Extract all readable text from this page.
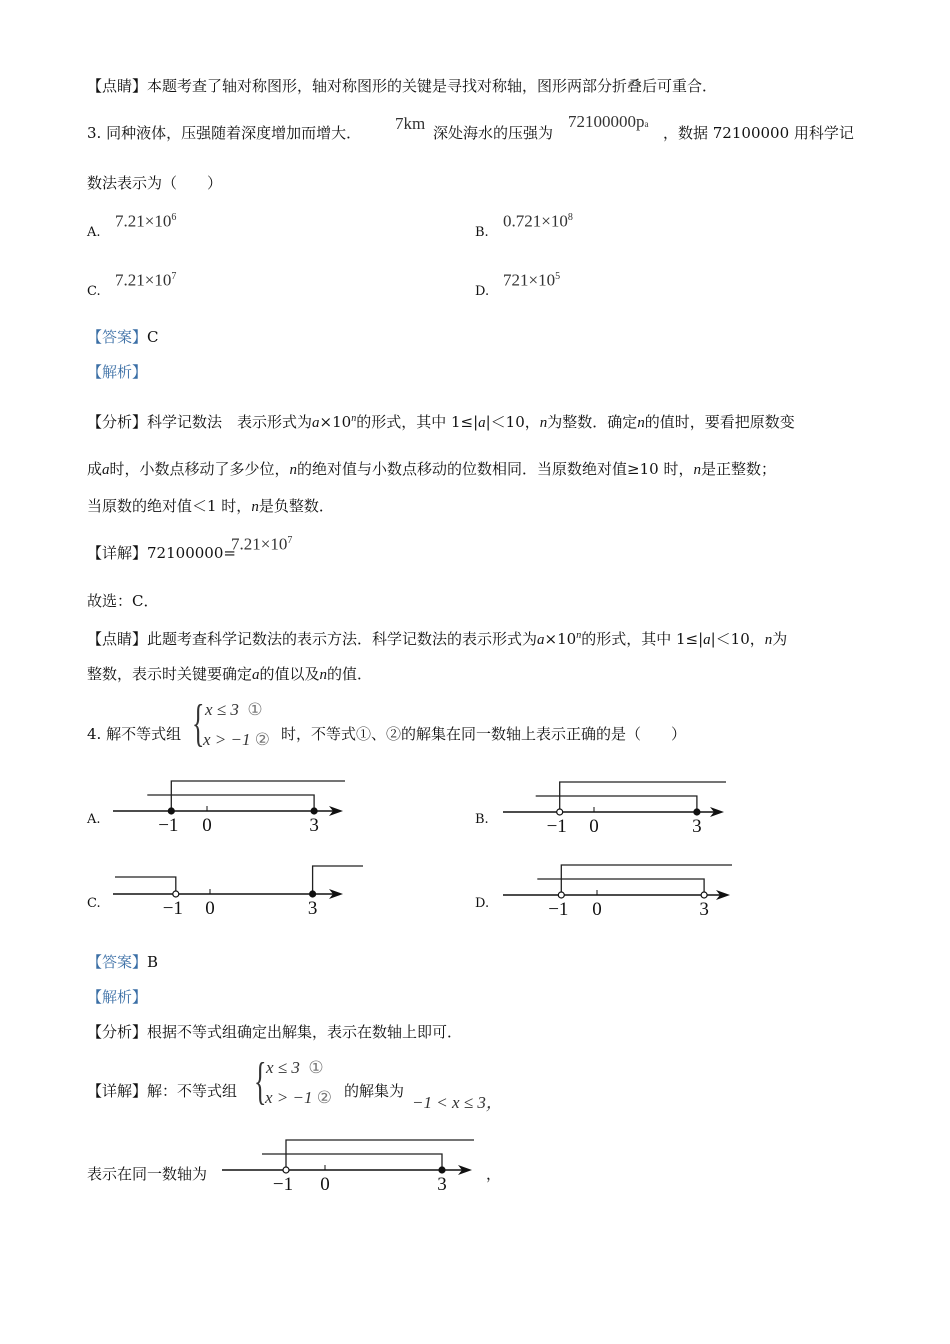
【点睛】本题考查了轴对称图形，轴对称图形的关键是寻找对称轴，图形两部分折叠后可重合．
3. 同种液体，压强随着深度增加而增大． 7km 深处海水的压强为
72100000pa ，数据 72100000 用科学记
数法表示为（　　）
A.
$7.21\times 10^6$
B.
$0.721\times 10^8$
C.
$7.21\times 10^7$
D.
$721\times 10^5$
【答案】C
【解析】
【分析】科学记数法　表示形式为$a\times 10^n$的形式，其中 1≤|a|＜10，n为整数．确定n的值时，要看把原数变
成a时，小数点移动了多少位，n的绝对值与小数点移动的位数相同．当原数绝对值≥10 时，n是正整数；
当原数的绝对值＜1 时，n是负整数．
【详解】72100000=
$7.21\times 10^7$
故选：C．
【点睛】此题考查科学记数法的表示方法．科学记数法的表示形式为$a\times 10^n$的形式，其中 1≤|a|＜10，n为
整数，表示时关键要确定a的值以及n的值．
4. 解不等式组 { x ≤ 3 ①
x > −1 ② 时，不等式①、②的解集在同一数轴上表示正确的是（　　）
A.	B.
C.	D.
−1 0	3	−1 0	3
−1 0	3	−1 0	3
−1 0	3
【答案】B
【解析】
【分析】根据不等式组确定出解集，表示在数轴上即可．
【详解】解：不等式组 { x ≤ 3 ①
x > −1 ② 的解集为
−1 < x ≤ 3，
表示在同一数轴为	，
